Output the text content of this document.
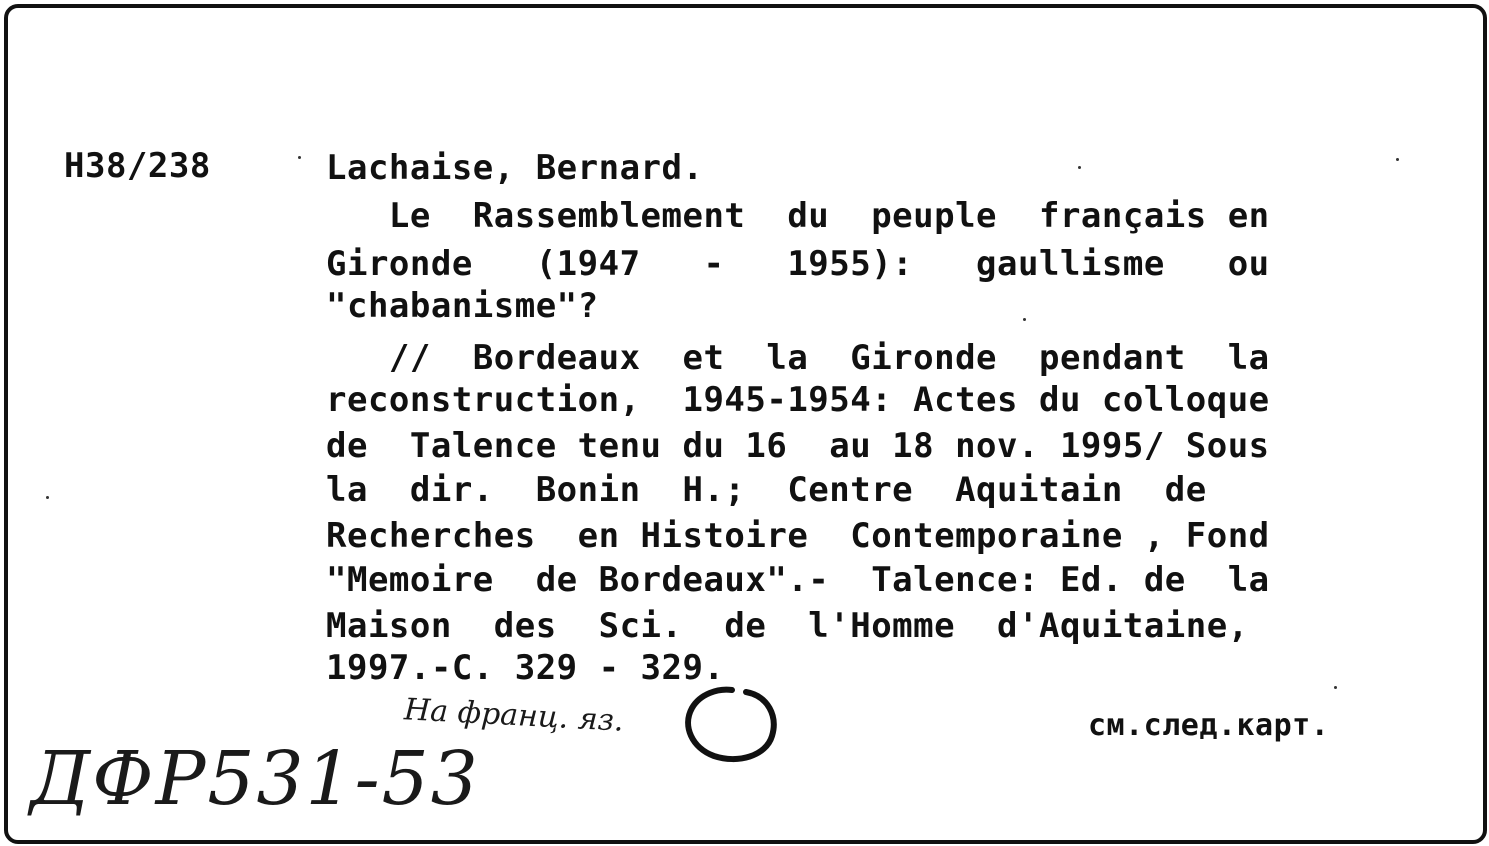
H38/238	Lachaise, Bernard.
Le  Rassemblement  du  peuple  français en
Gironde   (1947   -   1955):   gaullisme   ou
"chabanisme"?
//  Bordeaux  et  la  Gironde  pendant  la
reconstruction,  1945-1954: Actes du colloque
de  Talence tenu du 16  au 18 nov. 1995/ Sous
la  dir.  Bonin  H.;  Centre  Aquitain  de
Recherches  en Histoire  Contemporaine , Fond
"Memoire  de Bordeaux".-  Talence: Ed. de  la
Maison  des  Sci.  de  l'Homme  d'Aquitaine,
1997.-C. 329 - 329.
На франц. яз.	см.след.карт.
ДФР531-53
